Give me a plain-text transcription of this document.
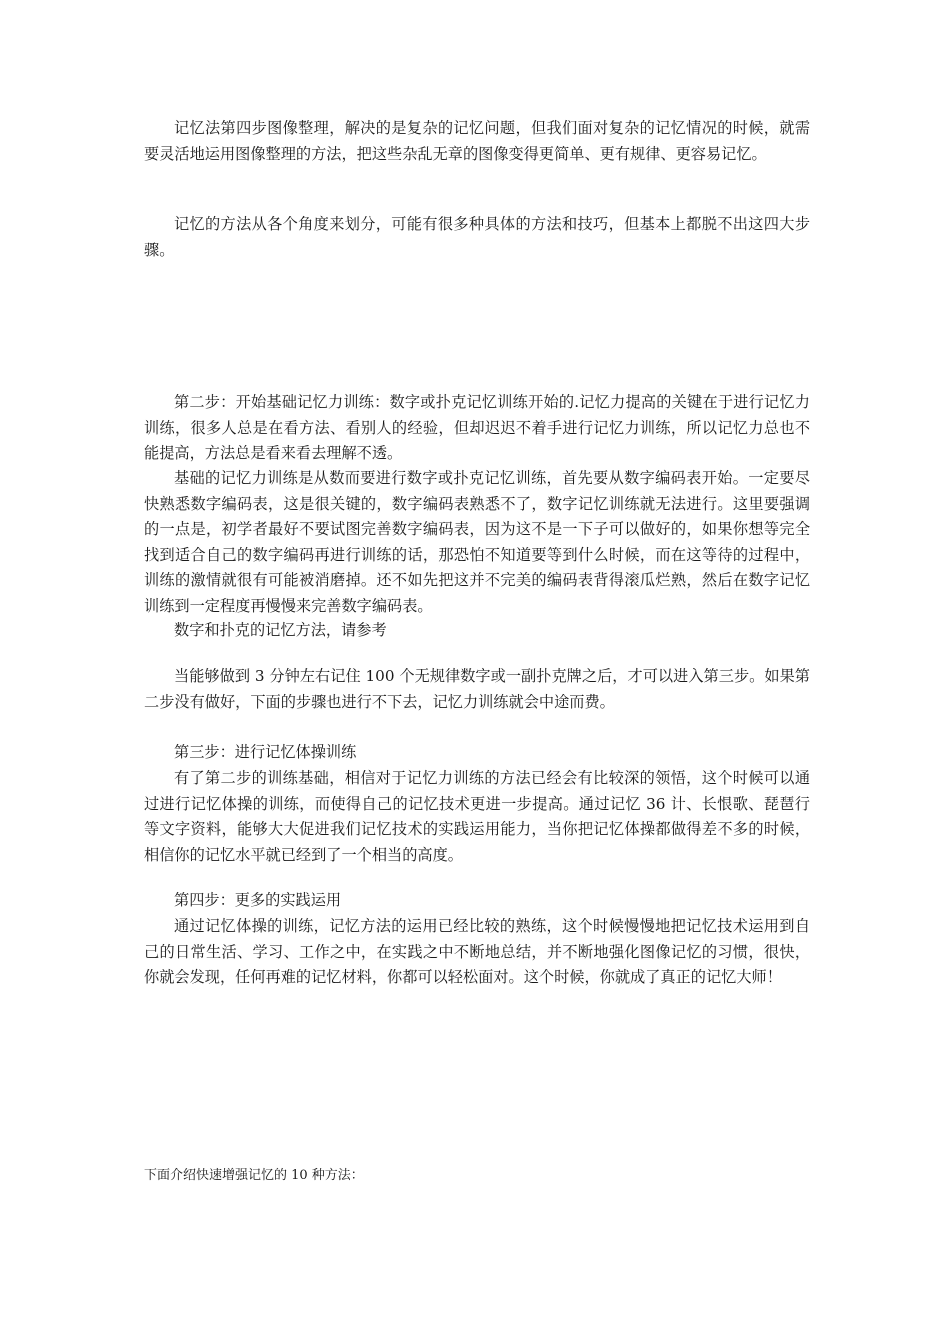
记忆法第四步图像整理，解决的是复杂的记忆问题，但我们面对复杂的记忆情况的时候，就需要灵活地运用图像整理的方法，把这些杂乱无章的图像变得更简单、更有规律、更容易记忆。

记忆的方法从各个角度来划分，可能有很多种具体的方法和技巧，但基本上都脱不出这四大步骤。

第二步：开始基础记忆力训练：数字或扑克记忆训练开始的.记忆力提高的关键在于进行记忆力训练，很多人总是在看方法、看别人的经验，但却迟迟不着手进行记忆力训练，所以记忆力总也不能提高，方法总是看来看去理解不透。

基础的记忆力训练是从数而要进行数字或扑克记忆训练，首先要从数字编码表开始。一定要尽快熟悉数字编码表，这是很关键的，数字编码表熟悉不了，数字记忆训练就无法进行。这里要强调的一点是，初学者最好不要试图完善数字编码表，因为这不是一下子可以做好的，如果你想等完全找到适合自己的数字编码再进行训练的话，那恐怕不知道要等到什么时候，而在这等待的过程中，训练的激情就很有可能被消磨掉。还不如先把这并不完美的编码表背得滚瓜烂熟，然后在数字记忆训练到一定程度再慢慢来完善数字编码表。

数字和扑克的记忆方法，请参考

当能够做到 3 分钟左右记住 100 个无规律数字或一副扑克牌之后，才可以进入第三步。如果第二步没有做好，下面的步骤也进行不下去，记忆力训练就会中途而费。

第三步：进行记忆体操训练

有了第二步的训练基础，相信对于记忆力训练的方法已经会有比较深的领悟，这个时候可以通过进行记忆体操的训练，而使得自己的记忆技术更进一步提高。通过记忆 36 计、长恨歌、琵琶行等文字资料，能够大大促进我们记忆技术的实践运用能力，当你把记忆体操都做得差不多的时候，相信你的记忆水平就已经到了一个相当的高度。

第四步：更多的实践运用

通过记忆体操的训练，记忆方法的运用已经比较的熟练，这个时候慢慢地把记忆技术运用到自己的日常生活、学习、工作之中，在实践之中不断地总结，并不断地强化图像记忆的习惯，很快，你就会发现，任何再难的记忆材料，你都可以轻松面对。这个时候，你就成了真正的记忆大师！

下面介绍快速增强记忆的 10 种方法：
